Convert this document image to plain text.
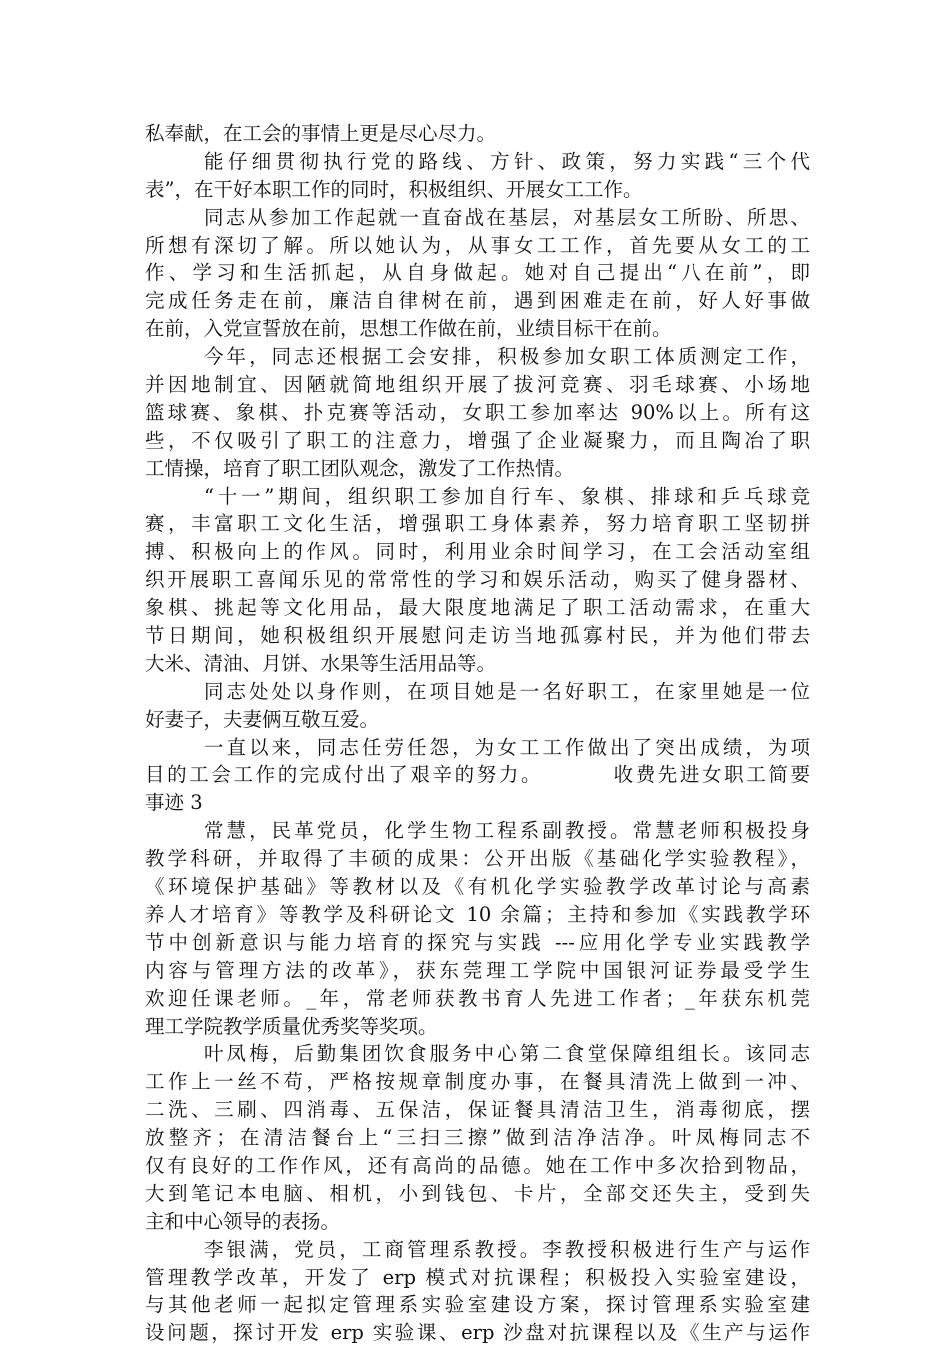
私奉献，在工会的事情上更是尽心尽力。
能仔细贯彻执行党的路线、方针、政策，努力实践“三个代
表”，在干好本职工作的同时，积极组织、开展女工工作。
同志从参加工作起就一直奋战在基层，对基层女工所盼、所思、
所想有深切了解。所以她认为，从事女工工作，首先要从女工的工
作、学习和生活抓起，从自身做起。她对自己提出“八在前”，即
完成任务走在前，廉洁自律树在前，遇到困难走在前，好人好事做
在前，入党宣誓放在前，思想工作做在前，业绩目标干在前。
今年，同志还根据工会安排，积极参加女职工体质测定工作，
并因地制宜、因陋就简地组织开展了拔河竞赛、羽毛球赛、小场地
篮球赛、象棋、扑克赛等活动，女职工参加率达 90%以上。所有这
些，不仅吸引了职工的注意力，增强了企业凝聚力，而且陶冶了职
工情操，培育了职工团队观念，激发了工作热情。
“十一”期间，组织职工参加自行车、象棋、排球和乒乓球竞
赛，丰富职工文化生活，增强职工身体素养，努力培育职工坚韧拼
搏、积极向上的作风。同时，利用业余时间学习，在工会活动室组
织开展职工喜闻乐见的常常性的学习和娱乐活动，购买了健身器材、
象棋、挑起等文化用品，最大限度地满足了职工活动需求，在重大
节日期间，她积极组织开展慰问走访当地孤寡村民，并为他们带去
大米、清油、月饼、水果等生活用品等。
同志处处以身作则，在项目她是一名好职工，在家里她是一位
好妻子，夫妻俩互敬互爱。
一直以来，同志任劳任怨，为女工工作做出了突出成绩，为项
目的工会工作的完成付出了艰辛的努力。        收费先进女职工简要
事迹 3
常慧，民革党员，化学生物工程系副教授。常慧老师积极投身
教学科研，并取得了丰硕的成果：公开出版《基础化学实验教程》，
《环境保护基础》等教材以及《有机化学实验教学改革讨论与高素
养人才培育》等教学及科研论文 10 余篇；主持和参加《实践教学环
节中创新意识与能力培育的探究与实践 ---应用化学专业实践教学
内容与管理方法的改革》，获东莞理工学院中国银河证券最受学生
欢迎任课老师。_年，常老师获教书育人先进工作者；_年获东机莞
理工学院教学质量优秀奖等奖项。
叶凤梅，后勤集团饮食服务中心第二食堂保障组组长。该同志
工作上一丝不苟，严格按规章制度办事，在餐具清洗上做到一冲、
二洗、三刷、四消毒、五保洁，保证餐具清洁卫生，消毒彻底，摆
放整齐；在清洁餐台上“三扫三擦”做到洁净洁净。叶凤梅同志不
仅有良好的工作作风，还有高尚的品德。她在工作中多次拾到物品，
大到笔记本电脑、相机，小到钱包、卡片，全部交还失主，受到失
主和中心领导的表扬。
李银满，党员，工商管理系教授。李教授积极进行生产与运作
管理教学改革，开发了 erp 模式对抗课程；积极投入实验室建设，
与其他老师一起拟定管理系实验室建设方案，探讨管理系实验室建
设问题，探讨开发 erp 实验课、erp 沙盘对抗课程以及《生产与运作
